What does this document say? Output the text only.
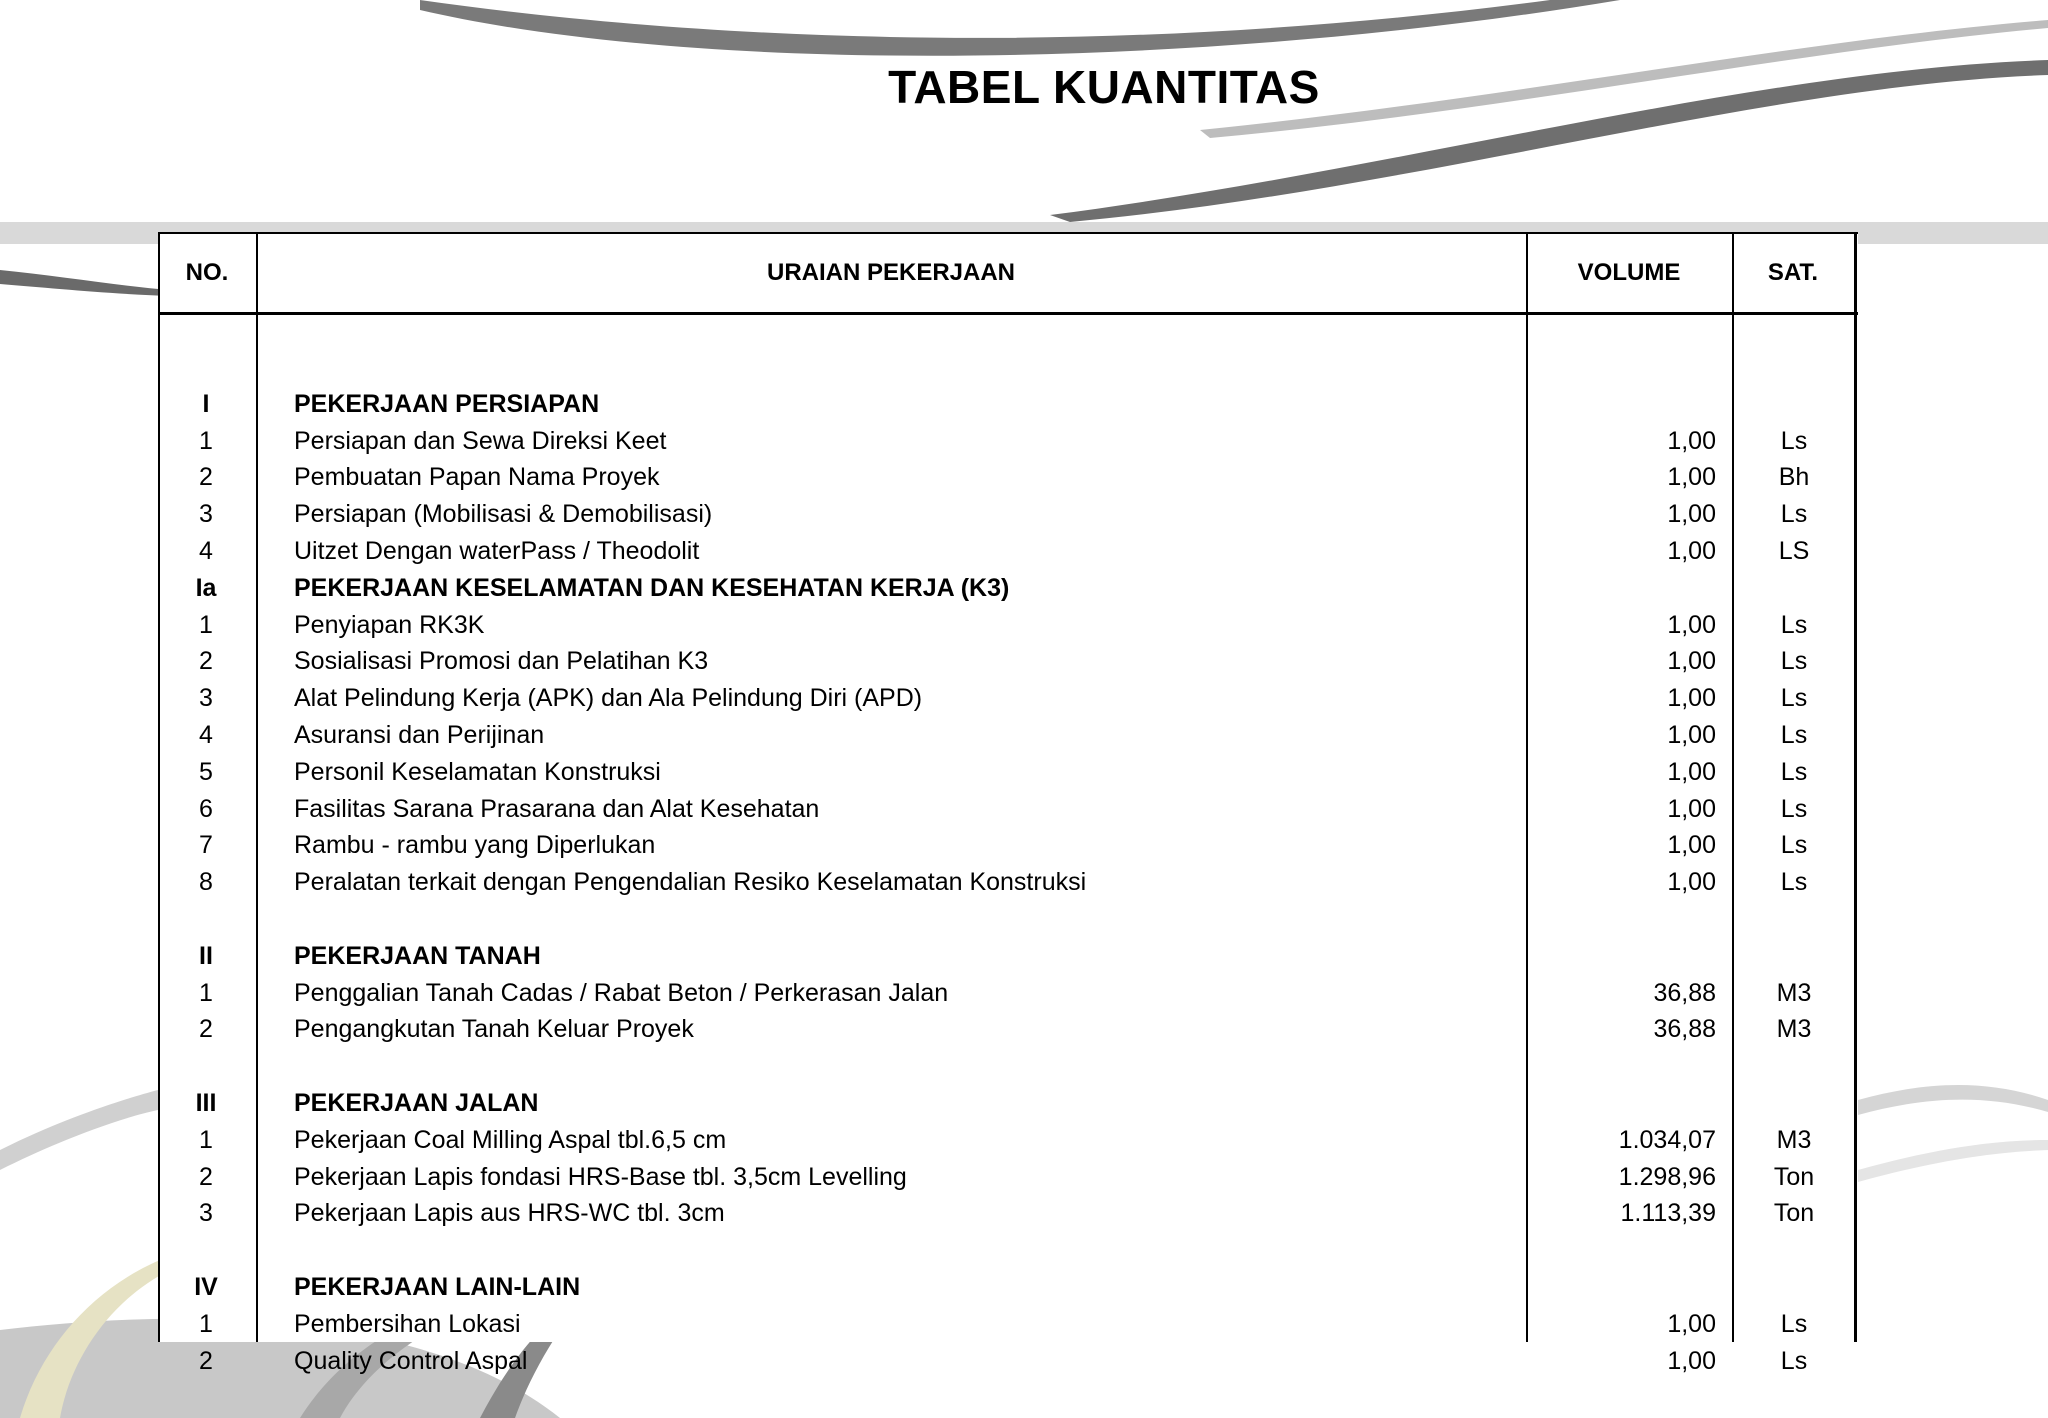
TABEL KUANTITAS
NO.	URAIAN PEKERJAAN	VOLUME	SAT.
I	PEKERJAAN PERSIAPAN
1	Persiapan dan Sewa Direksi Keet	1,00	Ls
2	Pembuatan Papan Nama Proyek	1,00	Bh
3	Persiapan (Mobilisasi & Demobilisasi)	1,00	Ls
4	Uitzet Dengan waterPass / Theodolit	1,00	LS
Ia	PEKERJAAN KESELAMATAN DAN KESEHATAN KERJA (K3)
1	Penyiapan RK3K	1,00	Ls
2	Sosialisasi Promosi dan Pelatihan K3	1,00	Ls
3	Alat Pelindung Kerja (APK) dan Ala Pelindung Diri (APD)	1,00	Ls
4	Asuransi dan Perijinan	1,00	Ls
5	Personil Keselamatan Konstruksi	1,00	Ls
6	Fasilitas Sarana Prasarana dan Alat Kesehatan	1,00	Ls
7	Rambu - rambu yang Diperlukan	1,00	Ls
8	Peralatan terkait dengan Pengendalian Resiko Keselamatan Konstruksi	1,00	Ls
II	PEKERJAAN TANAH
1	Penggalian Tanah Cadas / Rabat Beton / Perkerasan Jalan	36,88	M3
2	Pengangkutan Tanah Keluar Proyek	36,88	M3
III	PEKERJAAN JALAN
1	Pekerjaan Coal Milling Aspal tbl.6,5 cm	1.034,07	M3
2	Pekerjaan Lapis fondasi HRS-Base tbl. 3,5cm Levelling	1.298,96	Ton
3	Pekerjaan Lapis aus HRS-WC tbl. 3cm	1.113,39	Ton
IV	PEKERJAAN LAIN-LAIN
1	Pembersihan Lokasi	1,00	Ls
2	Quality Control Aspal	1,00	Ls
